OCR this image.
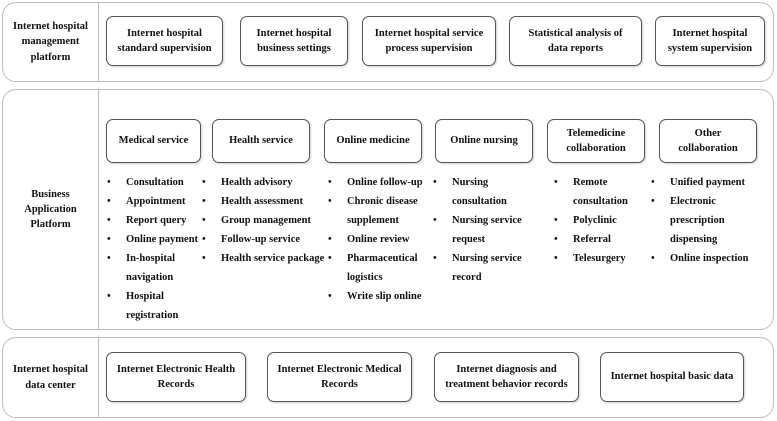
Internet hospital
management
platform
Internet hospital
standard supervision
Internet hospital
business settings
Internet hospital service
process supervision
Statistical analysis of
data reports
Internet hospital
system supervision
Business
Application
Platform
Medical service	Health service	Online medicine	Online nursing
Telemedicine
collaboration
Other
collaboration
• Consultation
• Appointment
• Report query
• Online payment
• In-hospital
navigation
• Hospital
registration
• Health advisory
• Health assessment
• Group management
• Follow-up service
• Health service package
• Online follow-up
• Chronic disease
supplement
• Online review
• Pharmaceutical
logistics
• Write slip online
• Nursing
consultation
• Nursing service
request
• Nursing service
record
• Remote
consultation
• Polyclinic
• Referral
• Telesurgery
• Unified payment
• Electronic
prescription
dispensing
• Online inspection
Internet hospital
data center
Internet Electronic Health
Records
Internet Electronic Medical
Records
Internet diagnosis and
treatment behavior records
Internet hospital basic data
